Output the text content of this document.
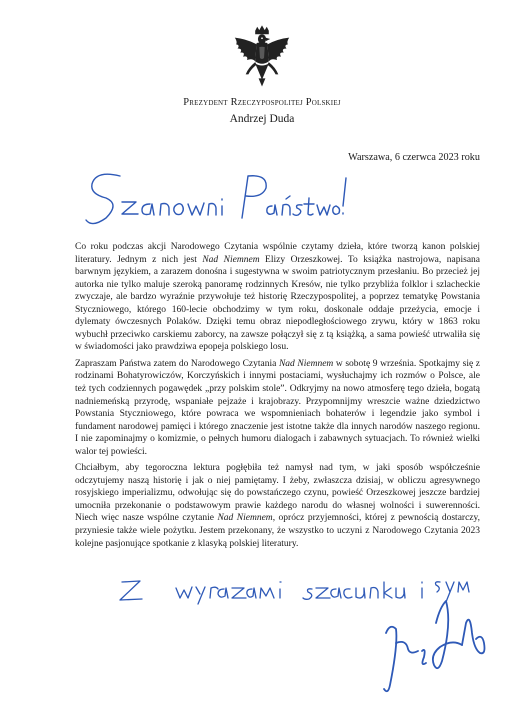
Prezydent Rzeczypospolitej Polskiej

Andrzej Duda

Warszawa, 6 czerwca 2023 roku

Co roku podczas akcji Narodowego Czytania wspólnie czytamy dzieła, które tworzą kanon polskiej literatury. Jednym z nich jest Nad Niemnem Elizy Orzeszkowej. To książka nastrojowa, napisana barwnym językiem, a zarazem donośna i sugestywna w swoim patriotycznym przesłaniu. Bo przecież jej autorka nie tylko maluje szeroką panoramę rodzinnych Kresów, nie tylko przybliża folklor i szlacheckie zwyczaje, ale bardzo wyraźnie przywołuje też historię Rzeczypospolitej, a poprzez tematykę Powstania Styczniowego, którego 160-lecie obchodzimy w tym roku, doskonale oddaje przeżycia, emocje i dylematy ówczesnych Polaków. Dzięki temu obraz niepodległościowego zrywu, który w 1863 roku wybuchł przeciwko carskiemu zaborcy, na zawsze połączył się z tą książką, a sama powieść utrwaliła się w świadomości jako prawdziwa epopeja polskiego losu.

Zapraszam Państwa zatem do Narodowego Czytania Nad Niemnem w sobotę 9 września. Spotkajmy się z rodzinami Bohatyrowiczów, Korczyńskich i innymi postaciami, wysłuchajmy ich rozmów o Polsce, ale też tych codziennych pogawędek „przy polskim stole”. Odkryjmy na nowo atmosferę tego dzieła, bogatą nadniemeńską przyrodę, wspaniałe pejzaże i krajobrazy. Przypomnijmy wreszcie ważne dziedzictwo Powstania Styczniowego, które powraca we wspomnieniach bohaterów i legendzie jako symbol i fundament narodowej pamięci i którego znaczenie jest istotne także dla innych narodów naszego regionu. I nie zapominajmy o komizmie, o pełnych humoru dialogach i zabawnych sytuacjach. To również wielki walor tej powieści.

Chciałbym, aby tegoroczna lektura pogłębiła też namysł nad tym, w jaki sposób współcześnie odczytujemy naszą historię i jak o niej pamiętamy. I żeby, zwłaszcza dzisiaj, w obliczu agresywnego rosyjskiego imperializmu, odwołując się do powstańczego czynu, powieść Orzeszkowej jeszcze bardziej umocniła przekonanie o podstawowym prawie każdego narodu do własnej wolności i suwerenności. Niech więc nasze wspólne czytanie Nad Niemnem, oprócz przyjemności, której z pewnością dostarczy, przyniesie także wiele pożytku. Jestem przekonany, że wszystko to uczyni z Narodowego Czytania 2023 kolejne pasjonujące spotkanie z klasyką polskiej literatury.
